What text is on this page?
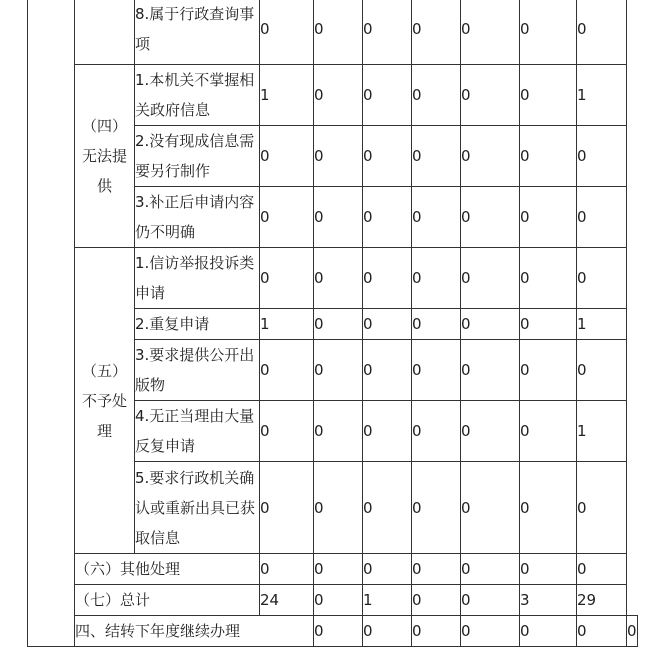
		8.属于行政查询事项	0	0	0	0	0	0	0	
	（四）无法提供	1.本机关不掌握相关政府信息	1	0	0	0	0	0	1	
		2.没有现成信息需要另行制作	0	0	0	0	0	0	0	
		3.补正后申请内容仍不明确	0	0	0	0	0	0	0	
	（五）不予处理	1.信访举报投诉类申请	0	0	0	0	0	0	0	
		2.重复申请	1	0	0	0	0	0	1	
		3.要求提供公开出版物	0	0	0	0	0	0	0	
		4.无正当理由大量反复申请	0	0	0	0	0	0	1	
		5.要求行政机关确认或重新出具已获取信息	0	0	0	0	0	0	0	
	（六）其他处理		0	0	0	0	0	0	0	
	（七）总计		24	0	1	0	0	3	29	
	四、结转下年度继续办理			0	0	0	0	0	0	0
